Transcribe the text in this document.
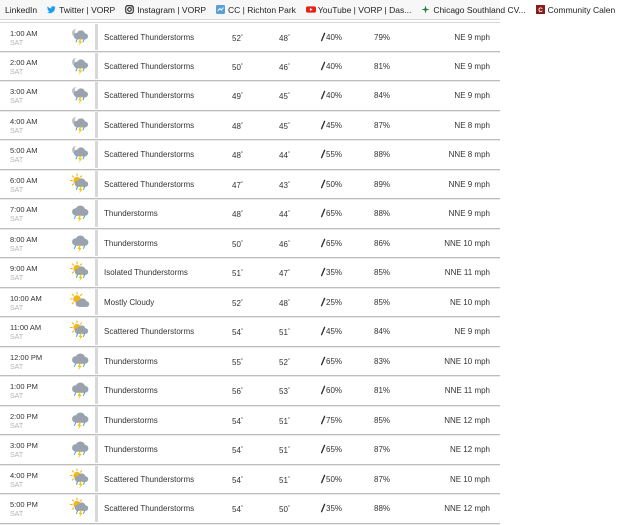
LinkedIn	Twitter | VORP	Instagram | VORP	CC | Richton Park	YouTube | VORP | Das...	Chicago Southland CV... C Community Calen
1:00 AM
SAT
Scattered Thunderstorms	52°	48°	40%	79%	NE 9 mph
2:00 AM
SAT
Scattered Thunderstorms	50°	46°	40%	81%	NE 9 mph
3:00 AM
SAT
Scattered Thunderstorms	49°	45°	40%	84%	NE 9 mph
4:00 AM
SAT
Scattered Thunderstorms	48°	45°	45%	87%	NE 8 mph
5:00 AM
SAT
Scattered Thunderstorms	48°	44°	55%	88%	NNE 8 mph
6:00 AM
SAT
Scattered Thunderstorms	47°	43°	50%	89%	NNE 9 mph
7:00 AM
SAT
Thunderstorms	48°	44°	65%	88%	NNE 9 mph
8:00 AM
SAT
Thunderstorms	50°	46°	65%	86%	NNE 10 mph
9:00 AM
SAT
Isolated Thunderstorms	51°	47°	35%	85%	NNE 11 mph
10:00 AM
SAT
Mostly Cloudy	52°	48°	25%	85%	NE 10 mph
11:00 AM
SAT
Scattered Thunderstorms	54°	51°	45%	84%	NE 9 mph
12:00 PM
SAT
Thunderstorms	55°	52°	65%	83%	NNE 10 mph
1:00 PM
SAT
Thunderstorms	56°	53°	60%	81%	NNE 11 mph
2:00 PM
SAT
Thunderstorms	54°	51°	75%	85%	NNE 12 mph
3:00 PM
SAT
Thunderstorms	54°	51°	65%	87%	NE 12 mph
4:00 PM
SAT
Scattered Thunderstorms	54°	51°	50%	87%	NE 10 mph
5:00 PM
SAT
Scattered Thunderstorms	54°	50°	35%	88%	NNE 12 mph
